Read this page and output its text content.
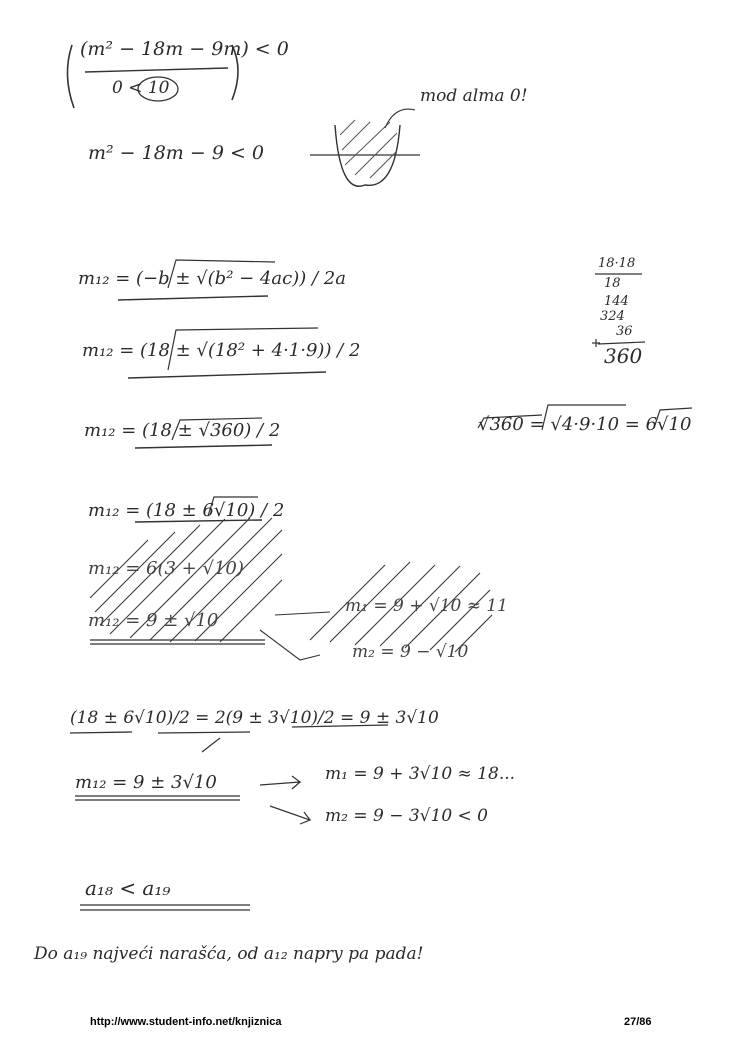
(m² − 18m − 9m) < 0
0 < 10	mod alma 0!
m² − 18m − 9 < 0
m₁₂ = (−b ± √(b² − 4ac)) / 2a
m₁₂ = (18 ± √(18² + 4·1·9)) / 2
m₁₂ = (18 ± √360) / 2
m₁₂ = (18 ± 6√10) / 2
m₁₂ = 6(3 + √10)
m₁₂ = 9 ± √10
m₁ = 9 + √10 ≈ 11
m₂ = 9 − √10
18·18
18
144
324
36
360
√360 = √4·9·10 = 6√10
(18 ± 6√10)/2 = 2(9 ± 3√10)/2 = 9 ± 3√10
m₁₂ = 9 ± 3√10	m₁ = 9 + 3√10 ≈ 18...
m₂ = 9 − 3√10 < 0
a₁₈ < a₁₉
Do a₁₉ najveći narašća, od a₁₂ napry pa pada!
http://www.student-info.net/knjiznica	27/86
